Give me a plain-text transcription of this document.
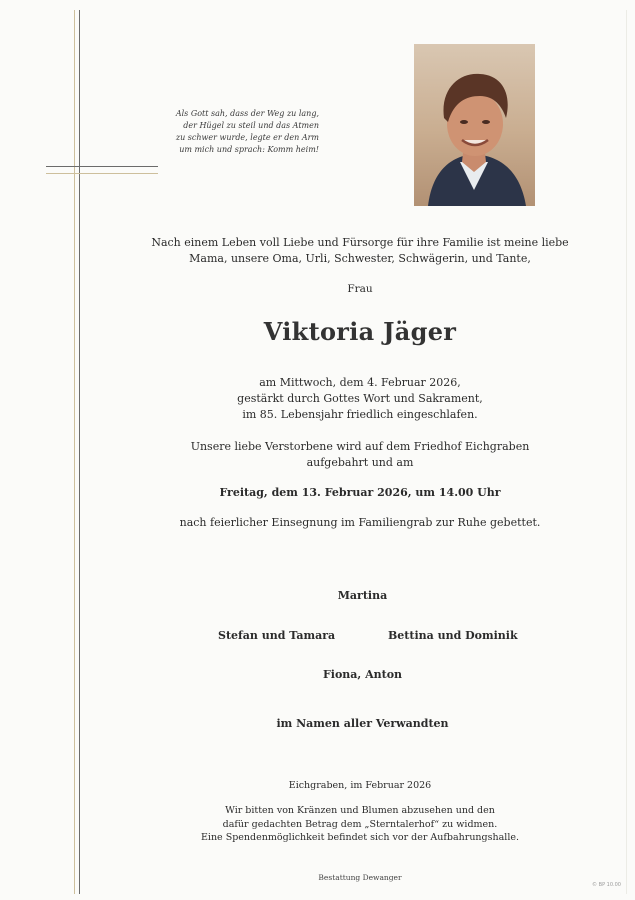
Als Gott sah, dass der Weg zu lang,
der Hügel zu steil und das Atmen
zu schwer wurde, legte er den Arm
um mich und sprach: Komm heim!
Nach einem Leben voll Liebe und Fürsorge für ihre Familie ist meine liebe
Mama, unsere Oma, Urli, Schwester, Schwägerin, und Tante,
Frau
Viktoria Jäger
am Mittwoch, dem 4. Februar 2026,
gestärkt durch Gottes Wort und Sakrament,
im 85. Lebensjahr friedlich eingeschlafen.
Unsere liebe Verstorbene wird auf dem Friedhof Eichgraben
aufgebahrt und am
Freitag, dem 13. Februar 2026, um 14.00 Uhr
nach feierlicher Einsegnung im Familiengrab zur Ruhe gebettet.
Martina
Stefan und Tamara	Bettina und Dominik
Fiona, Anton
im Namen aller Verwandten
Eichgraben, im Februar 2026
Wir bitten von Kränzen und Blumen abzusehen und den
dafür gedachten Betrag dem „Sterntalerhof“ zu widmen.
Eine Spendenmöglichkeit befindet sich vor der Aufbahrungshalle.
Bestattung Dewanger
© BP 10.00
